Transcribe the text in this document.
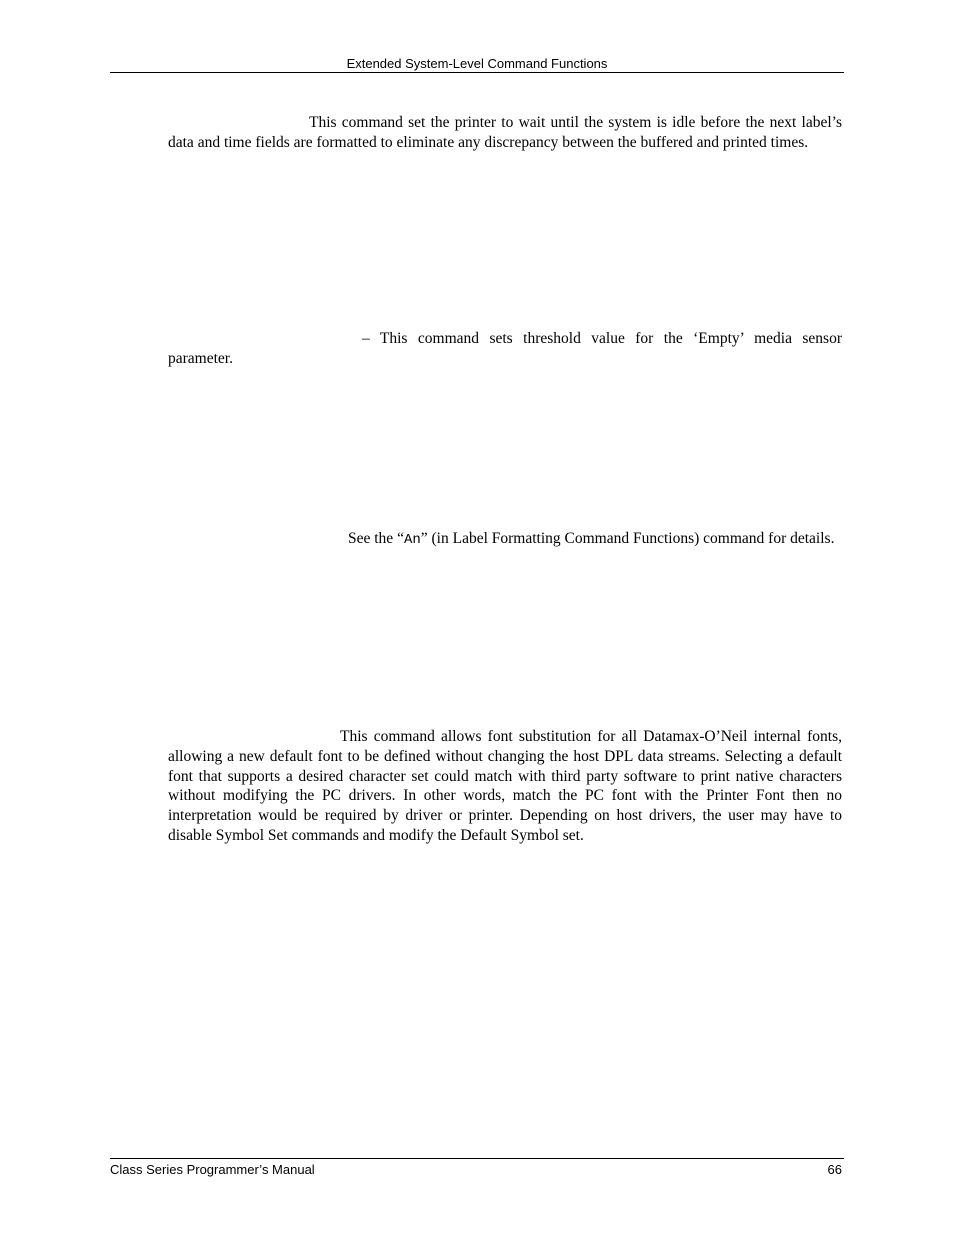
Extended System-Level Command Functions

This command set the printer to wait until the system is idle before the next label’s data and time fields are formatted to eliminate any discrepancy between the buffered and printed times.

– This command sets threshold value for the ‘Empty’ media sensor parameter.

See the “An” (in Label Formatting Command Functions) command for details.

This command allows font substitution for all Datamax-O’Neil internal fonts, allowing a new default font to be defined without changing the host DPL data streams. Selecting a default font that supports a desired character set could match with third party software to print native characters without modifying the PC drivers. In other words, match the PC font with the Printer Font then no interpretation would be required by driver or printer. Depending on host drivers, the user may have to disable Symbol Set commands and modify the Default Symbol set.

Class Series Programmer’s Manual	66
